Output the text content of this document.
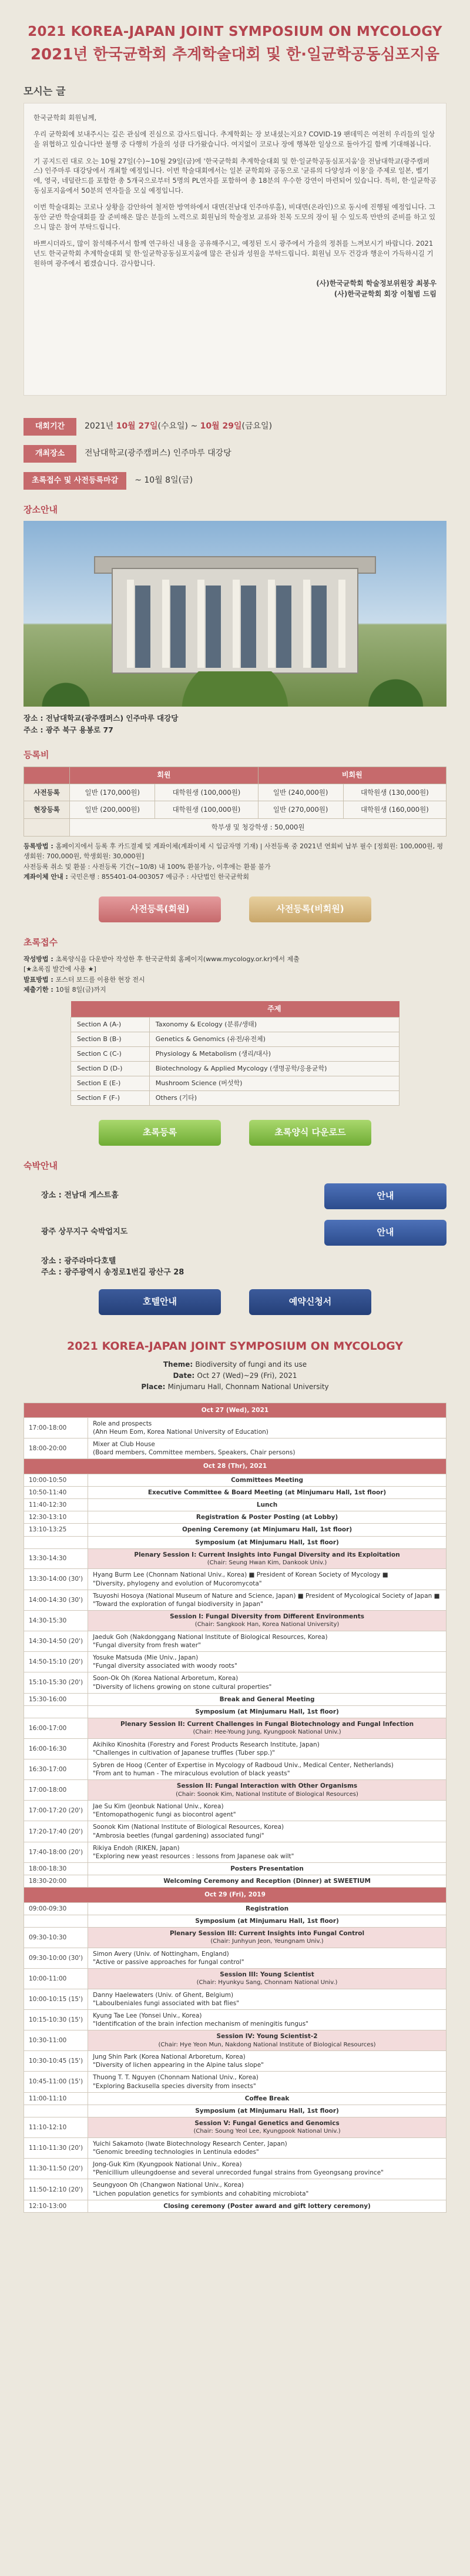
2021 KOREA-JAPAN JOINT SYMPOSIUM ON MYCOLOGY
2021년 한국균학회 추계학술대회 및 한·일균학공동심포지움
모시는 글

한국균학회 회원님께,

우리 균학회에 보내주시는 깊은 관심에 진심으로 감사드립니다. 추계학회는 장 보내셨는지요? COVID-19 팬데믹은 여전히 우리들의 일상을 위협하고 있습니다만 불행 중 다행히 가을의 성큼 다가왔습니다. 여지없이 코로나 장에 행복한 일상으로 돌아가길 함께 기대해봅니다.

기 공지드린 대로 오는 10월 27일(수)~10월 29일(금)에 '한국균학회 추계학술대회 및 한·일균학공동심포지움'을 전남대학교(광주캠퍼스) 인주마루 대강당에서 개최할 예정입니다. 이번 학술대회에서는 일본 균학회와 공동으로 '균류의 다양성과 이용'을 주제로 일본, 벨기에, 영국, 네덜란드를 포함한 총 5개국으로부터 5명의 PL연자를 포함하여 총 18분의 우수한 강연이 마련되어 있습니다. 특히, 한·일균학공동심포지움에서 50분의 연자들을 모실 예정입니다.

이번 학술대회는 코로나 상황을 감안하여 철저한 방역하에서 대면(전남대 인주마루홀), 비대면(온라인)으로 동시에 진행될 예정입니다. 그동안 균반 학술대회를 잘 준비해온 많은 분들의 노력으로 회원님의 학술정보 교류와 친목 도모의 장이 될 수 있도록 만반의 준비를 하고 있으니 많은 참여 부탁드립니다.

바쁘시더라도, 많이 참석해주셔서 함께 연구하신 내용을 공유해주시고, 예정된 도시 광주에서 가을의 정취를 느껴보시기 바랍니다. 2021년도 한국균학회 추계학술대회 및 한·일균학공동심포지움에 많은 관심과 성원을 부탁드립니다. 회원님 모두 건강과 행운이 가득하시길 기원하며 광주에서 뵙겠습니다. 감사합니다.

(사)한국균학회 학술정보위원장 최봉우
(사)한국균학회 회장 이철범 드림
대회기간	2021년 10월 27일(수요일) ~ 10월 29일(금요일)
개최장소	전남대학교(광주캠퍼스) 인주마루 대강당
초록접수 및 사전등록마감	~ 10월 8일(금)
장소안내
장소 : 전남대학교(광주캠퍼스) 인주마루 대강당
주소 : 광주 북구 용봉로 77
등록비
	회원		비회원	
사전등록	일반 (170,000원)	대학원생 (100,000원)	일반 (240,000원)	대학원생 (130,000원)
현장등록	일반 (200,000원)	대학원생 (100,000원)	일반 (270,000원)	대학원생 (160,000원)
	학부생 및 청강학생 : 50,000원			
등록방법 : 홈페이지에서 등록 후 카드결제 및 계좌이체(계좌이체 시 입금자명 기재) | 사전등록 중 2021년 연회비 납부 필수 [정회원: 100,000원, 평생회원: 700,000원, 학생회원: 30,000원]
사전등록 취소 및 환불 : 사전등록 기간(~10/8) 내 100% 환불가능, 이후에는 환불 불가
계좌이체 안내 : 국민은행 : 855401-04-003057 예금주 : 사단법인 한국균학회
사전등록(회원)	사전등록(비회원)
초록접수
작성방법 : 초록양식을 다운받아 작성한 후 한국균학회 홈페이지(www.mycology.or.kr)에서 제출
[★초록집 발간에 사용 ★]
발표방법 : 포스터 보드를 이용한 현장 전시
제출기한 : 10월 8일(금)까지
	주제
Section A (A-)	Taxonomy & Ecology (분류/생태)
Section B (B-)	Genetics & Genomics (유전/유전체)
Section C (C-)	Physiology & Metabolism (생리/대사)
Section D (D-)	Biotechnology & Applied Mycology (생명공학/응용균학)
Section E (E-)	Mushroom Science (버섯학)
Section F (F-)	Others (기타)
초록등록	초록양식 다운로드
숙박안내
장소 : 전남대 게스트홈	안내
광주 상무지구 숙박업지도	안내
장소 : 광주라마다호텔
주소 : 광주광역시 송정로1번길 광산구 28
호텔안내	예약신청서
2021 KOREA-JAPAN JOINT SYMPOSIUM ON MYCOLOGY
Theme: Biodiversity of fungi and its use
Date: Oct 27 (Wed)~29 (Fri), 2021
Place: Minjumaru Hall, Chonnam National University
Oct 27 (Wed), 2021	
17:00-18:00	Role and prospects
(Ahn Heum Eom, Korea National University of Education)

18:00-20:00	Mixer at Club House
(Board members, Committee members, Speakers, Chair persons)

Oct 28 (Thr), 2021	
10:00-10:50	Committees Meeting
10:50-11:40	Executive Committee & Board Meeting (at Minjumaru Hall, 1st floor)
11:40-12:30	Lunch
12:30-13:10	Registration & Poster Posting (at Lobby)
13:10-13:25	Opening Ceremony (at Minjumaru Hall, 1st floor)
	Symposium (at Minjumaru Hall, 1st floor)
13:30-14:30	Plenary Session I: Current Insights into Fungal Diversity and its Exploitation
(Chair: Seung Hwan Kim, Dankook Univ.)

13:30-14:00 (30')	Hyang Burm Lee (Chonnam National Univ., Korea) ■ President of Korean Society of Mycology ■
"Diversity, phylogeny and evolution of Mucoromycota"

14:00-14:30 (30')	Tsuyoshi Hosoya (National Museum of Nature and Science, Japan) ■ President of Mycological Society of Japan ■
"Toward the exploration of fungal biodiversity in Japan"

14:30-15:30	Session I: Fungal Diversity from Different Environments
(Chair: Sangkook Han, Korea National University)

14:30-14:50 (20')	Jaeduk Goh (Nakdonggang National Institute of Biological Resources, Korea)
"Fungal diversity from fresh water"

14:50-15:10 (20')	Yosuke Matsuda (Mie Univ., Japan)
"Fungal diversity associated with woody roots"

15:10-15:30 (20')	Soon-Ok Oh (Korea National Arboretum, Korea)
"Diversity of lichens growing on stone cultural properties"

15:30-16:00	Break and General Meeting
	Symposium (at Minjumaru Hall, 1st floor)
16:00-17:00	Plenary Session II: Current Challenges in Fungal Biotechnology and Fungal Infection
(Chair: Hee-Young Jung, Kyungpook National Univ.)

16:00-16:30	Akihiko Kinoshita (Forestry and Forest Products Research Institute, Japan)
"Challenges in cultivation of Japanese truffles (Tuber spp.)"

16:30-17:00	Sybren de Hoog (Center of Expertise in Mycology of Radboud Univ., Medical Center, Netherlands)
"From ant to human - The miraculous evolution of black yeasts"

17:00-18:00	Session II: Fungal Interaction with Other Organisms
(Chair: Soonok Kim, National Institute of Biological Resources)

17:00-17:20 (20')	Jae Su Kim (Jeonbuk National Univ., Korea)
"Entomopathogenic fungi as biocontrol agent"

17:20-17:40 (20')	Soonok Kim (National Institute of Biological Resources, Korea)
"Ambrosia beetles (fungal gardening) associated fungi"

17:40-18:00 (20')	Rikiya Endoh (RIKEN, Japan)
"Exploring new yeast resources : lessons from Japanese oak wilt"

18:00-18:30	Posters Presentation
18:30-20:00	Welcoming Ceremony and Reception (Dinner) at SWEETIUM
Oct 29 (Fri), 2019	
09:00-09:30	Registration
	Symposium (at Minjumaru Hall, 1st floor)
09:30-10:30	Plenary Session III: Current Insights into Fungal Control
(Chair: Junhyun Jeon, Yeungnam Univ.)

09:30-10:00 (30')	Simon Avery (Univ. of Nottingham, England)
"Active or passive approaches for fungal control"

10:00-11:00	Session III: Young Scientist
(Chair: Hyunkyu Sang, Chonnam National Univ.)

10:00-10:15 (15')	Danny Haelewaters (Univ. of Ghent, Belgium)
"Laboulbeniales fungi associated with bat flies"

10:15-10:30 (15')	Kyung Tae Lee (Yonsei Univ., Korea)
"Identification of the brain infection mechanism of meningitis fungus"

10:30-11:00	Session IV: Young Scientist-2
(Chair: Hye Yeon Mun, Nakdong National Institute of Biological Resources)

10:30-10:45 (15')	Jung Shin Park (Korea National Arboretum, Korea)
"Diversity of lichen appearing in the Alpine talus slope"

10:45-11:00 (15')	Thuong T. T. Nguyen (Chonnam National Univ., Korea)
"Exploring Backusella species diversity from insects"

11:00-11:10	Coffee Break
	Symposium (at Minjumaru Hall, 1st floor)
11:10-12:10	Session V: Fungal Genetics and Genomics
(Chair: Soung Yeol Lee, Kyungpook National Univ.)

11:10-11:30 (20')	Yuichi Sakamoto (Iwate Biotechnology Research Center, Japan)
"Genomic breeding technologies in Lentinula edodes"

11:30-11:50 (20')	Jong-Guk Kim (Kyungpook National Univ., Korea)
"Penicillium ulleungdoense and several unrecorded fungal strains from Gyeongsang province"

11:50-12:10 (20')	Seungyoon Oh (Changwon National Univ., Korea)
"Lichen population genetics for symbionts and cohabiting microbiota"

12:10-13:00	Closing ceremony (Poster award and gift lottery ceremony)
